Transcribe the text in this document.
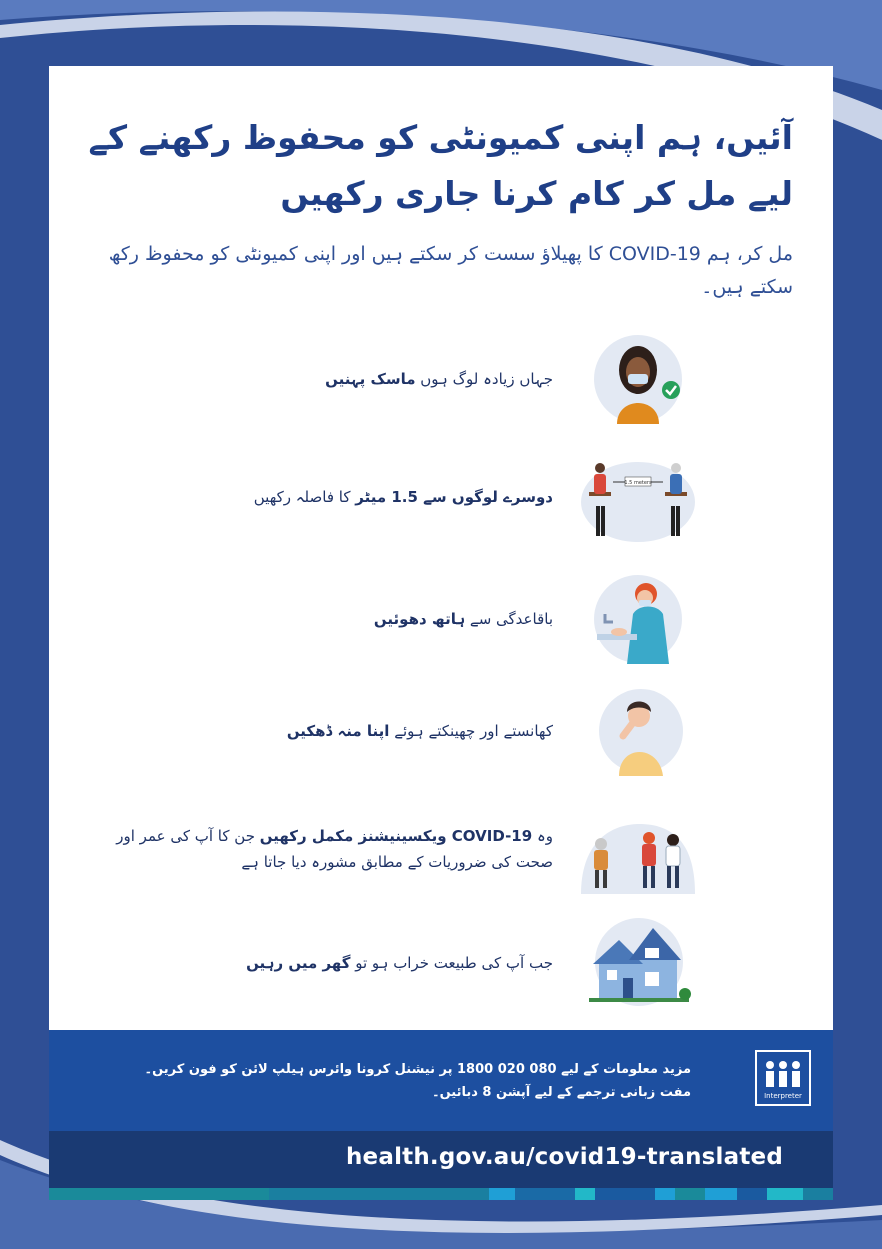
آئیں، ہم اپنی کمیونٹی کو محفوظ رکھنے کے لیے مل کر کام کرنا جاری رکھیں
مل کر، ہم COVID-19 کا پھیلاؤ سست کر سکتے ہیں اور اپنی کمیونٹی کو محفوظ رکھ سکتے ہیں۔
جہاں زیادہ لوگ ہوں ماسک پہنیں
دوسرے لوگوں سے 1.5 میٹر کا فاصلہ رکھیں
1.5 meters
باقاعدگی سے ہاتھ دھوئیں
کھانستے اور چھینکتے ہوئے اپنا منہ ڈھکیں
وہ COVID-19 ویکسینیشنز مکمل رکھیں جن کا آپ کی عمر اور صحت کی ضروریات کے مطابق مشورہ دیا جاتا ہے
جب آپ کی طبیعت خراب ہو تو گھر میں رہیں
مزید معلومات کے لیے 080 020 1800 پر نیشنل کرونا وائرس ہیلپ لائن کو فون کریں۔
مفت زبانی ترجمے کے لیے آپشن 8 دبائیں۔	Interpreter
health.gov.au/covid19-translated
